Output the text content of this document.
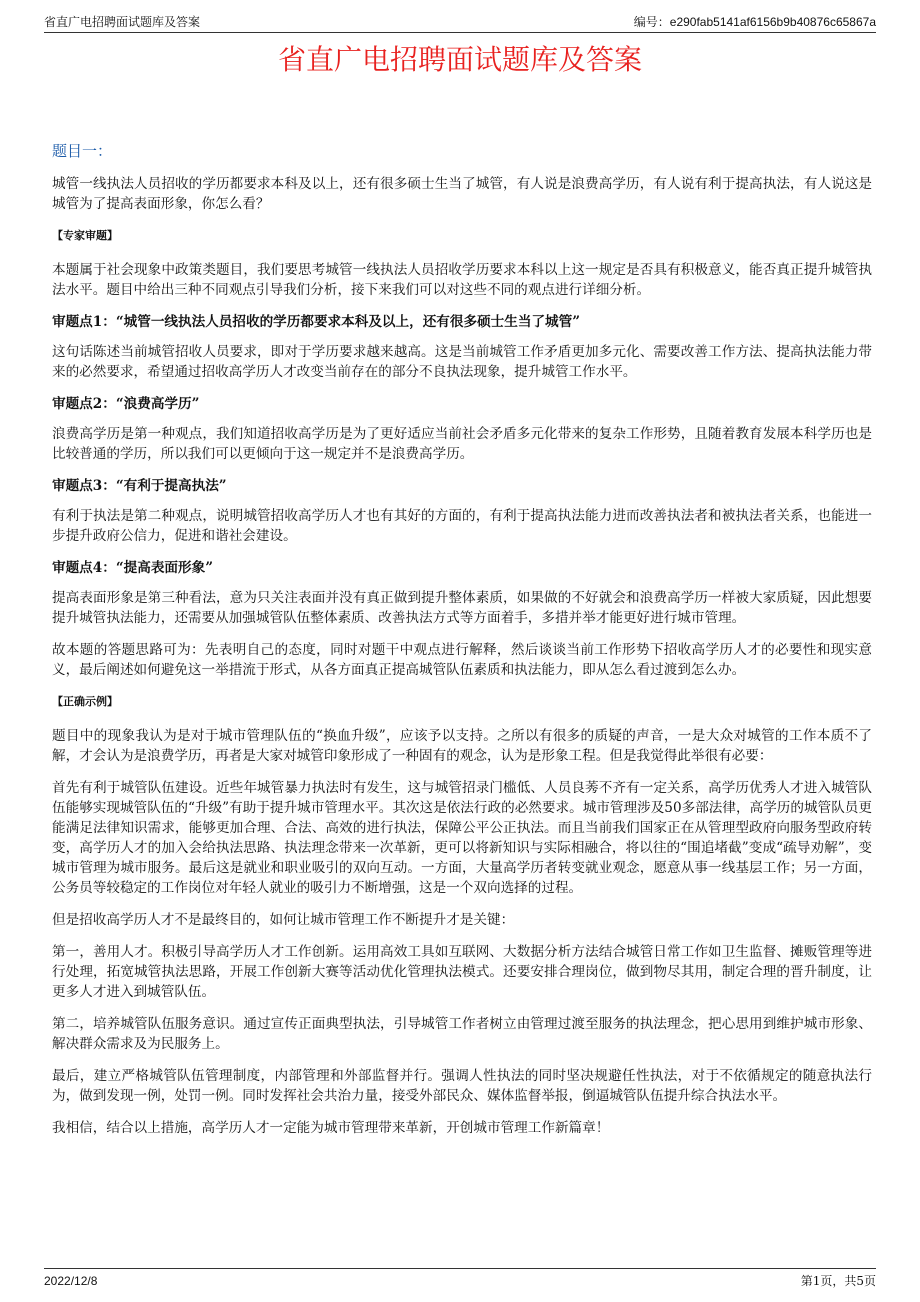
省直广电招聘面试题库及答案	编号：e290fab5141af6156b9b40876c65867a
省直广电招聘面试题库及答案

题目一：

城管一线执法人员招收的学历都要求本科及以上，还有很多硕士生当了城管，有人说是浪费高学历，有人说有利于提高执法，有人说这是城管为了提高表面形象，你怎么看？

【专家审题】

本题属于社会现象中政策类题目，我们要思考城管一线执法人员招收学历要求本科以上这一规定是否具有积极意义，能否真正提升城管执法水平。题目中给出三种不同观点引导我们分析，接下来我们可以对这些不同的观点进行详细分析。

审题点1：“城管一线执法人员招收的学历都要求本科及以上，还有很多硕士生当了城管”

这句话陈述当前城管招收人员要求，即对于学历要求越来越高。这是当前城管工作矛盾更加多元化、需要改善工作方法、提高执法能力带来的必然要求，希望通过招收高学历人才改变当前存在的部分不良执法现象，提升城管工作水平。

审题点2：“浪费高学历”

浪费高学历是第一种观点，我们知道招收高学历是为了更好适应当前社会矛盾多元化带来的复杂工作形势，且随着教育发展本科学历也是比较普通的学历，所以我们可以更倾向于这一规定并不是浪费高学历。

审题点3：“有利于提高执法”

有利于执法是第二种观点，说明城管招收高学历人才也有其好的方面的，有利于提高执法能力进而改善执法者和被执法者关系，也能进一步提升政府公信力，促进和谐社会建设。

审题点4：“提高表面形象”

提高表面形象是第三种看法，意为只关注表面并没有真正做到提升整体素质，如果做的不好就会和浪费高学历一样被大家质疑，因此想要提升城管执法能力，还需要从加强城管队伍整体素质、改善执法方式等方面着手，多措并举才能更好进行城市管理。

故本题的答题思路可为：先表明自己的态度，同时对题干中观点进行解释，然后谈谈当前工作形势下招收高学历人才的必要性和现实意义，最后阐述如何避免这一举措流于形式，从各方面真正提高城管队伍素质和执法能力，即从怎么看过渡到怎么办。

【正确示例】

题目中的现象我认为是对于城市管理队伍的“换血升级”，应该予以支持。之所以有很多的质疑的声音，一是大众对城管的工作本质不了解，才会认为是浪费学历，再者是大家对城管印象形成了一种固有的观念，认为是形象工程。但是我觉得此举很有必要：

首先有利于城管队伍建设。近些年城管暴力执法时有发生，这与城管招录门槛低、人员良莠不齐有一定关系，高学历优秀人才进入城管队伍能够实现城管队伍的“升级”有助于提升城市管理水平。其次这是依法行政的必然要求。城市管理涉及50多部法律，高学历的城管队员更能满足法律知识需求，能够更加合理、合法、高效的进行执法，保障公平公正执法。而且当前我们国家正在从管理型政府向服务型政府转变，高学历人才的加入会给执法思路、执法理念带来一次革新，更可以将新知识与实际相融合，将以往的“围追堵截”变成“疏导劝解”，变城市管理为城市服务。最后这是就业和职业吸引的双向互动。一方面，大量高学历者转变就业观念，愿意从事一线基层工作；另一方面，公务员等较稳定的工作岗位对年轻人就业的吸引力不断增强，这是一个双向选择的过程。

但是招收高学历人才不是最终目的，如何让城市管理工作不断提升才是关键：

第一，善用人才。积极引导高学历人才工作创新。运用高效工具如互联网、大数据分析方法结合城管日常工作如卫生监督、摊贩管理等进行处理，拓宽城管执法思路，开展工作创新大赛等活动优化管理执法模式。还要安排合理岗位，做到物尽其用，制定合理的晋升制度，让更多人才进入到城管队伍。

第二，培养城管队伍服务意识。通过宣传正面典型执法，引导城管工作者树立由管理过渡至服务的执法理念，把心思用到维护城市形象、解决群众需求及为民服务上。

最后，建立严格城管队伍管理制度，内部管理和外部监督并行。强调人性执法的同时坚决规避任性执法，对于不依循规定的随意执法行为，做到发现一例，处罚一例。同时发挥社会共治力量，接受外部民众、媒体监督举报，倒逼城管队伍提升综合执法水平。

我相信，结合以上措施，高学历人才一定能为城市管理带来革新，开创城市管理工作新篇章！

2022/12/8	第1页，共5页
